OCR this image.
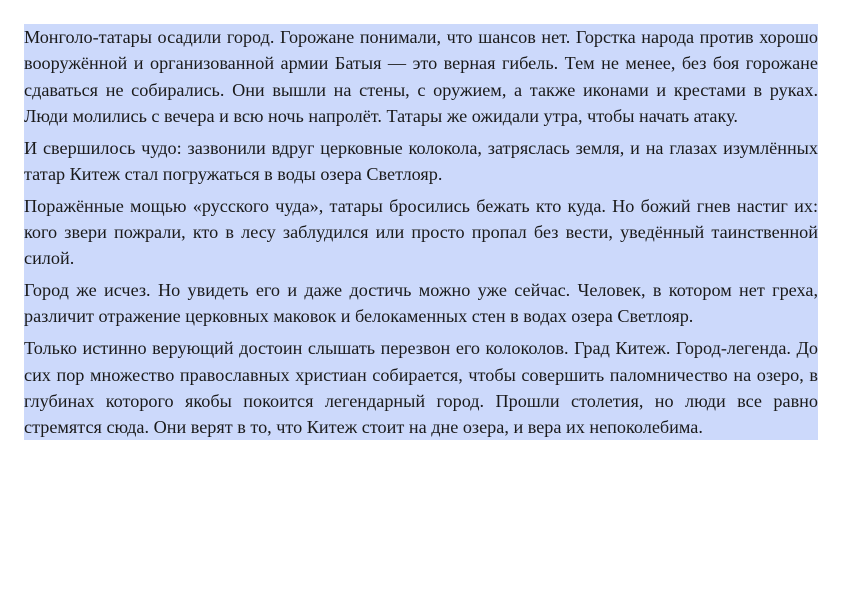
Монголо-татары осадили город. Горожане понимали, что шансов нет. Горстка народа против хорошо вооружённой и организованной армии Батыя — это верная гибель. Тем не менее, без боя горожане сдаваться не собирались. Они вышли на стены, с оружием, а также иконами и крестами в руках. Люди молились с вечера и всю ночь напролёт. Татары же ожидали утра, чтобы начать атаку.

И свершилось чудо: зазвонили вдруг церковные колокола, затряслась земля, и на глазах изумлённых татар Китеж стал погружаться в воды озера Светлояр.

Поражённые мощью «русского чуда», татары бросились бежать кто куда. Но божий гнев настиг их: кого звери пожрали, кто в лесу заблудился или просто пропал без вести, уведённый таинственной силой.

Город же исчез. Но увидеть его и даже достичь можно уже сейчас. Человек, в котором нет греха, различит отражение церковных маковок и белокаменных стен в водах озера Светлояр.

Только истинно верующий достоин слышать перезвон его колоколов. Град Китеж. Город-легенда. До сих пор множество православных христиан собирается, чтобы совершить паломничество на озеро, в глубинах которого якобы покоится легендарный город. Прошли столетия, но люди все равно стремятся сюда. Они верят в то, что Китеж стоит на дне озера, и вера их непоколебима.
